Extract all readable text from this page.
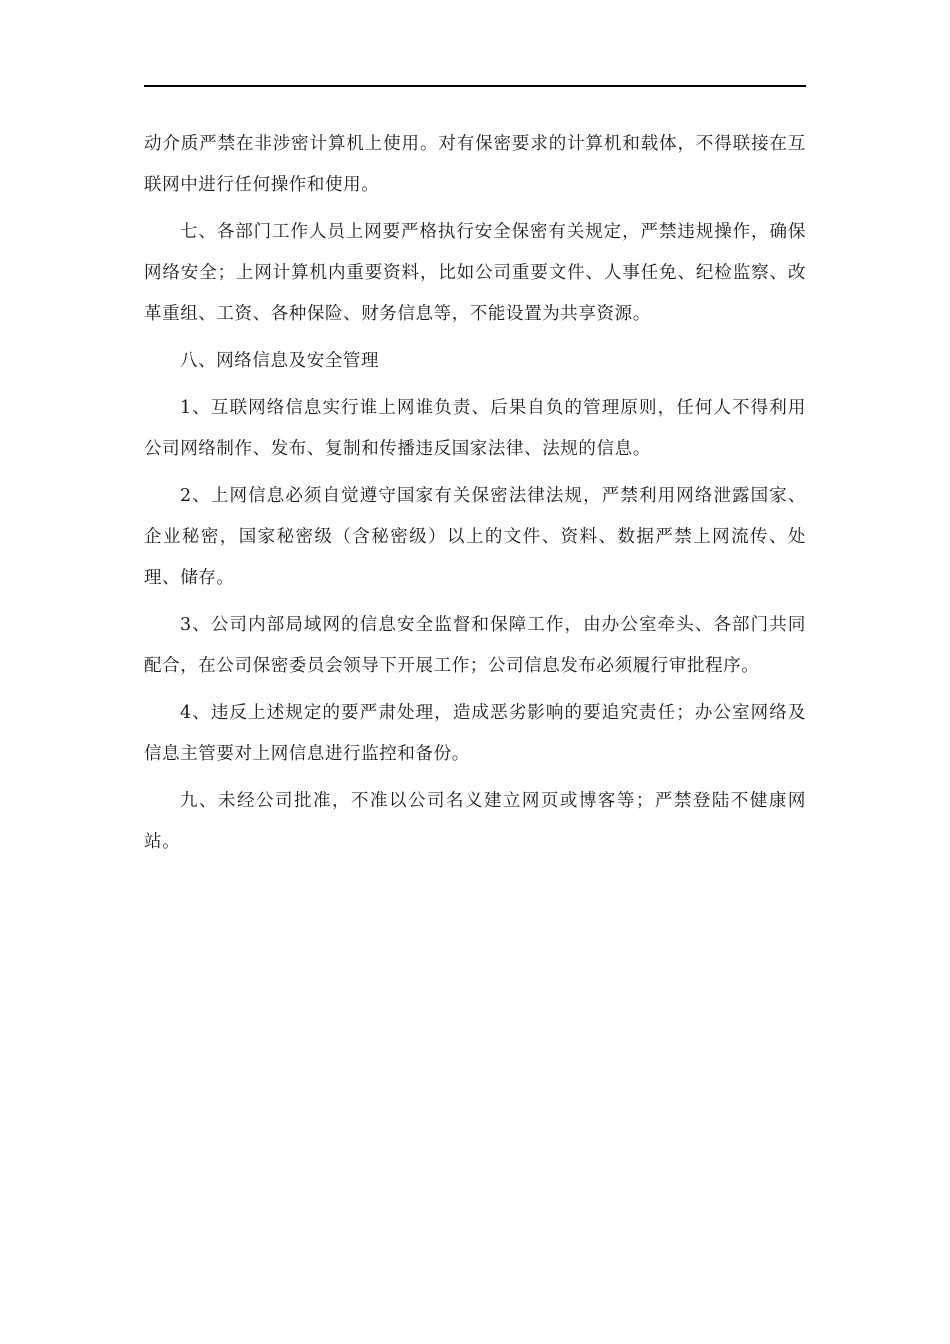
动介质严禁在非涉密计算机上使用。对有保密要求的计算机和载体，不得联接在互联网中进行任何操作和使用。

七、各部门工作人员上网要严格执行安全保密有关规定，严禁违规操作，确保网络安全；上网计算机内重要资料，比如公司重要文件、人事任免、纪检监察、改革重组、工资、各种保险、财务信息等，不能设置为共享资源。

八、网络信息及安全管理

1、互联网络信息实行谁上网谁负责、后果自负的管理原则，任何人不得利用公司网络制作、发布、复制和传播违反国家法律、法规的信息。

2、上网信息必须自觉遵守国家有关保密法律法规，严禁利用网络泄露国家、企业秘密，国家秘密级（含秘密级）以上的文件、资料、数据严禁上网流传、处理、储存。

3、公司内部局域网的信息安全监督和保障工作，由办公室牵头、各部门共同配合，在公司保密委员会领导下开展工作；公司信息发布必须履行审批程序。

4、违反上述规定的要严肃处理，造成恶劣影响的要追究责任；办公室网络及信息主管要对上网信息进行监控和备份。

九、未经公司批准，不准以公司名义建立网页或博客等；严禁登陆不健康网站。
